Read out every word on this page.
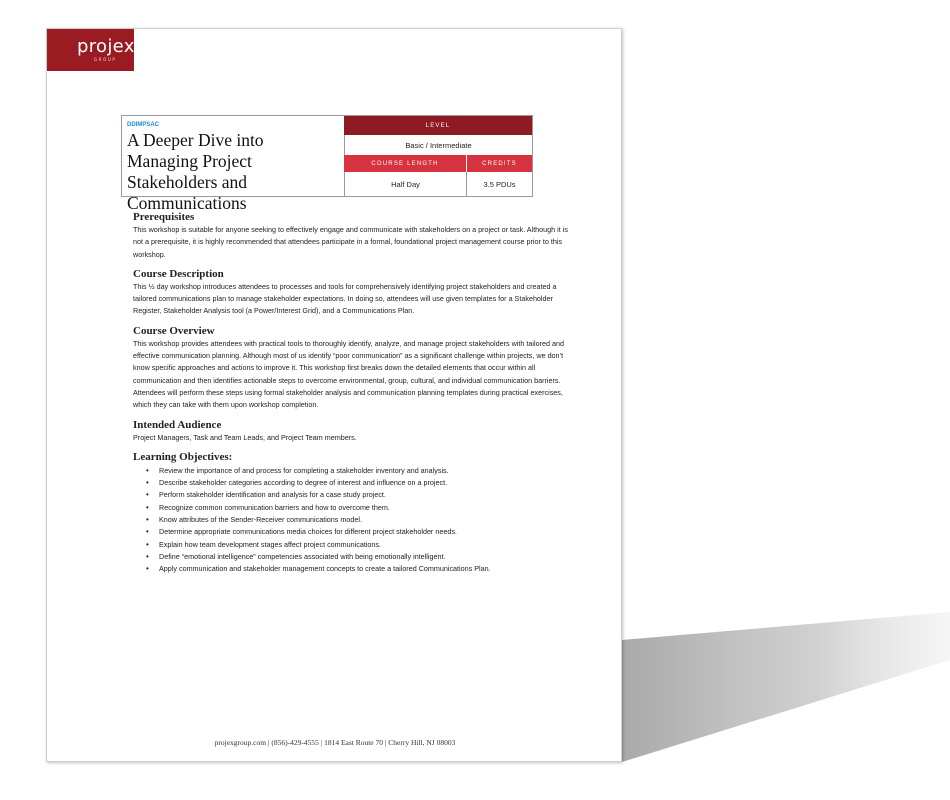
projex
GROUP
DDIMPSAC
A Deeper Dive into Managing Project Stakeholders and Communications
LEVEL
Basic / Intermediate
COURSE LENGTH	CREDITS
Half Day	3.5 PDUs
Prerequisites

This workshop is suitable for anyone seeking to effectively engage and communicate with stakeholders on a project or task. Although it is not a prerequisite, it is highly recommended that attendees participate in a formal, foundational project management course prior to this workshop.

Course Description

This ½ day workshop introduces attendees to processes and tools for comprehensively identifying project stakeholders and created a tailored communications plan to manage stakeholder expectations. In doing so, attendees will use given templates for a Stakeholder Register, Stakeholder Analysis tool (a Power/Interest Grid), and a Communications Plan.

Course Overview

This workshop provides attendees with practical tools to thoroughly identify, analyze, and manage project stakeholders with tailored and effective communication planning. Although most of us identify “poor communication” as a significant challenge within projects, we don’t know specific approaches and actions to improve it. This workshop first breaks down the detailed elements that occur within all communication and then identifies actionable steps to overcome environmental, group, cultural, and individual communication barriers. Attendees will perform these steps using formal stakeholder analysis and communication planning templates during practical exercises, which they can take with them upon workshop completion.

Intended Audience

Project Managers, Task and Team Leads, and Project Team members.

Learning Objectives:
• Review the importance of and process for completing a stakeholder inventory and analysis.
• Describe stakeholder categories according to degree of interest and influence on a project.
• Perform stakeholder identification and analysis for a case study project.
• Recognize common communication barriers and how to overcome them.
• Know attributes of the Sender-Receiver communications model.
• Determine appropriate communications media choices for different project stakeholder needs.
• Explain how team development stages affect project communications.
• Define “emotional intelligence” competencies associated with being emotionally intelligent.
• Apply communication and stakeholder management concepts to create a tailored Communications Plan.
projexgroup.com | (856)-429-4555 | 1814 East Route 70 | Cherry Hill, NJ 08003
